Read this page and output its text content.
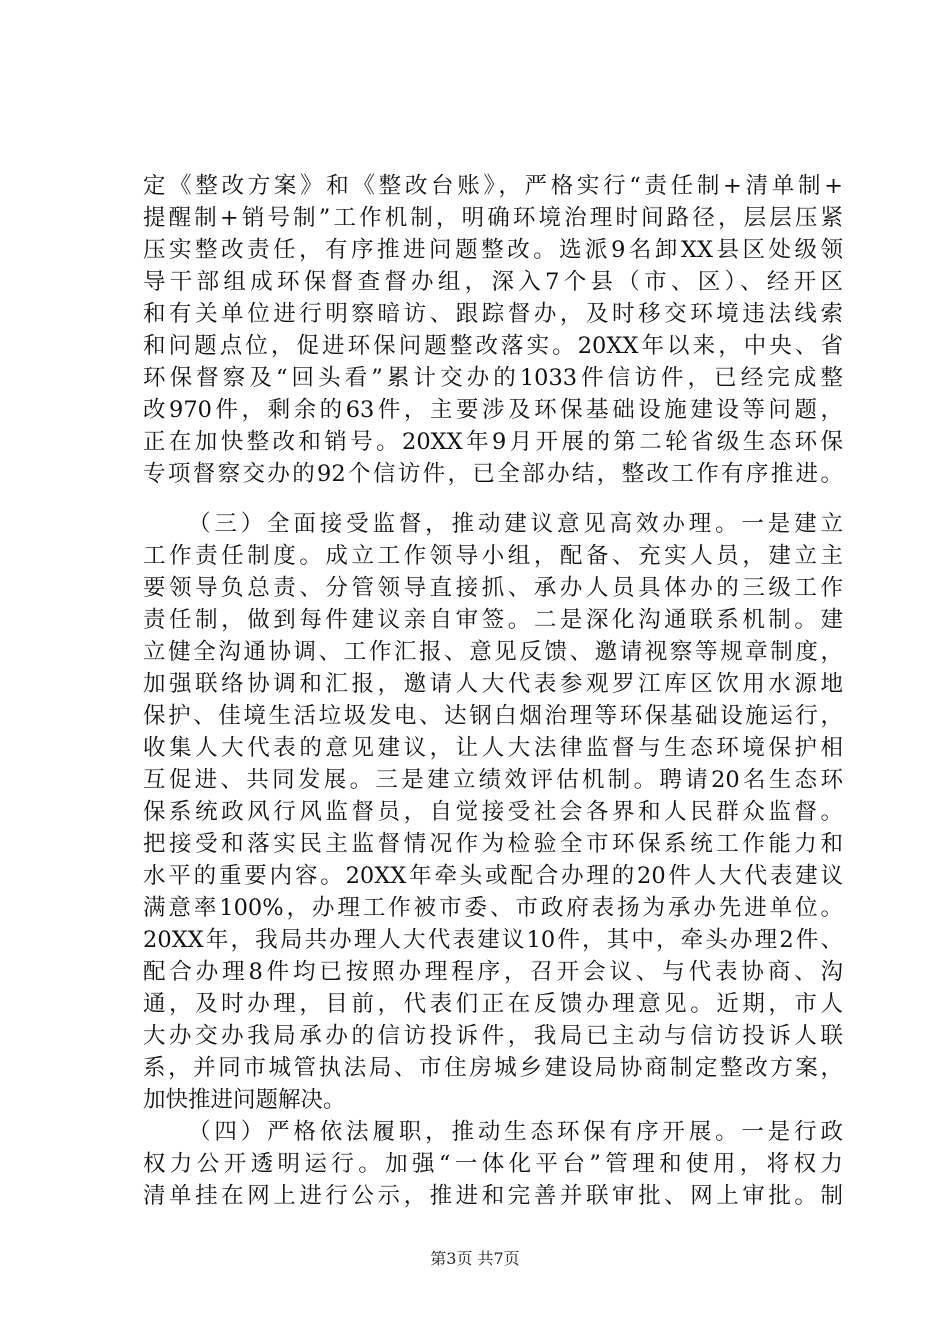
定《整改方案》和《整改台账》，严格实行“责任制+清单制+
提醒制+销号制”工作机制，明确环境治理时间路径，层层压紧
压实整改责任，有序推进问题整改。选派9名卸XX县区处级领
导干部组成环保督查督办组，深入7个县（市、区）、经开区
和有关单位进行明察暗访、跟踪督办，及时移交环境违法线索
和问题点位，促进环保问题整改落实。20XX年以来，中央、省
环保督察及“回头看”累计交办的1033件信访件，已经完成整
改970件，剩余的63件，主要涉及环保基础设施建设等问题，
正在加快整改和销号。20XX年9月开展的第二轮省级生态环保
专项督察交办的92个信访件，已全部办结，整改工作有序推进。
（三）全面接受监督，推动建议意见高效办理。一是建立
工作责任制度。成立工作领导小组，配备、充实人员，建立主
要领导负总责、分管领导直接抓、承办人员具体办的三级工作
责任制，做到每件建议亲自审签。二是深化沟通联系机制。建
立健全沟通协调、工作汇报、意见反馈、邀请视察等规章制度，
加强联络协调和汇报，邀请人大代表参观罗江库区饮用水源地
保护、佳境生活垃圾发电、达钢白烟治理等环保基础设施运行，
收集人大代表的意见建议，让人大法律监督与生态环境保护相
互促进、共同发展。三是建立绩效评估机制。聘请20名生态环
保系统政风行风监督员，自觉接受社会各界和人民群众监督。
把接受和落实民主监督情况作为检验全市环保系统工作能力和
水平的重要内容。20XX年牵头或配合办理的20件人大代表建议
满意率100%，办理工作被市委、市政府表扬为承办先进单位。
20XX年，我局共办理人大代表建议10件，其中，牵头办理2件、
配合办理8件均已按照办理程序，召开会议、与代表协商、沟
通，及时办理，目前，代表们正在反馈办理意见。近期，市人
大办交办我局承办的信访投诉件，我局已主动与信访投诉人联
系，并同市城管执法局、市住房城乡建设局协商制定整改方案，
加快推进问题解决。
（四）严格依法履职，推动生态环保有序开展。一是行政
权力公开透明运行。加强“一体化平台”管理和使用，将权力
清单挂在网上进行公示，推进和完善并联审批、网上审批。制
第3页 共7页
